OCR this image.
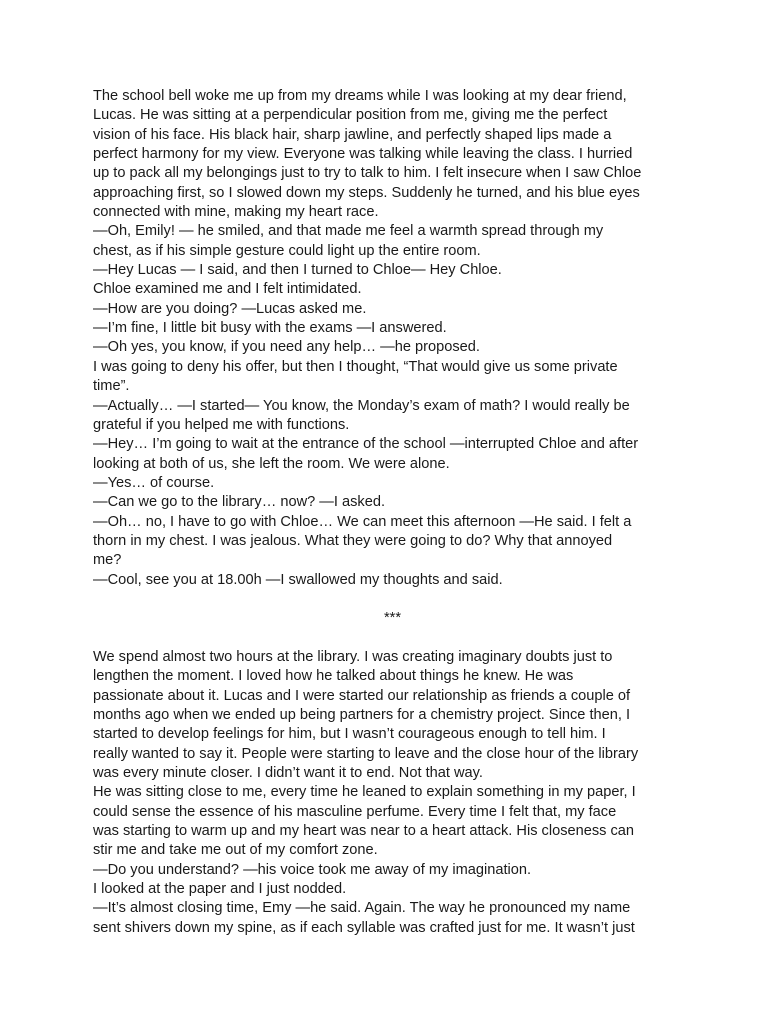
The school bell woke me up from my dreams while I was looking at my dear friend,
Lucas. He was sitting at a perpendicular position from me, giving me the perfect
vision of his face. His black hair, sharp jawline, and perfectly shaped lips made a
perfect harmony for my view. Everyone was talking while leaving the class. I hurried
up to pack all my belongings just to try to talk to him. I felt insecure when I saw Chloe
approaching first, so I slowed down my steps. Suddenly he turned, and his blue eyes
connected with mine, making my heart race.

—Oh, Emily! — he smiled, and that made me feel a warmth spread through my
chest, as if his simple gesture could light up the entire room.

—Hey Lucas — I said, and then I turned to Chloe— Hey Chloe.

Chloe examined me and I felt intimidated.

—How are you doing? —Lucas asked me.

—I’m fine, I little bit busy with the exams —I answered.

—Oh yes, you know, if you need any help… —he proposed.

I was going to deny his offer, but then I thought, “That would give us some private
time”.

—Actually… —I started— You know, the Monday’s exam of math? I would really be
grateful if you helped me with functions.

—Hey… I’m going to wait at the entrance of the school —interrupted Chloe and after
looking at both of us, she left the room. We were alone.

—Yes… of course.

—Can we go to the library… now? —I asked.

—Oh… no, I have to go with Chloe… We can meet this afternoon —He said. I felt a
thorn in my chest. I was jealous. What they were going to do? Why that annoyed
me?

—Cool, see you at 18.00h —I swallowed my thoughts and said.

***

We spend almost two hours at the library. I was creating imaginary doubts just to
lengthen the moment. I loved how he talked about things he knew. He was
passionate about it. Lucas and I were started our relationship as friends a couple of
months ago when we ended up being partners for a chemistry project. Since then, I
started to develop feelings for him, but I wasn’t courageous enough to tell him. I
really wanted to say it. People were starting to leave and the close hour of the library
was every minute closer. I didn’t want it to end. Not that way.

He was sitting close to me, every time he leaned to explain something in my paper, I
could sense the essence of his masculine perfume. Every time I felt that, my face
was starting to warm up and my heart was near to a heart attack. His closeness can
stir me and take me out of my comfort zone.

—Do you understand? —his voice took me away of my imagination.

I looked at the paper and I just nodded.

—It’s almost closing time, Emy —he said. Again. The way he pronounced my name
sent shivers down my spine, as if each syllable was crafted just for me. It wasn’t just
